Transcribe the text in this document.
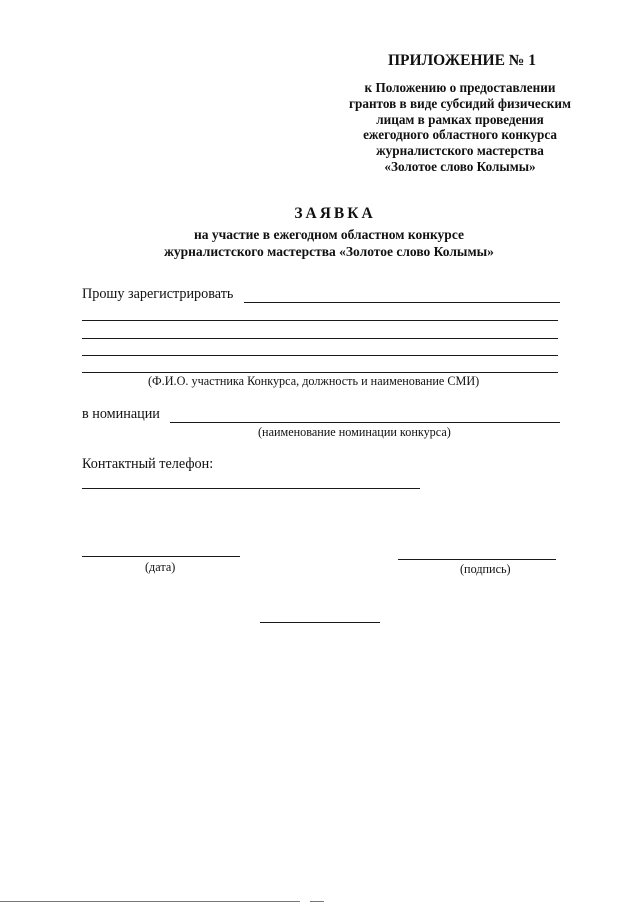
ПРИЛОЖЕНИЕ № 1
к Положению о предоставлении
грантов в виде субсидий физическим
лицам в рамках проведения
ежегодного областного конкурса
журналистского мастерства
«Золотое слово Колымы»
ЗАЯВКА
на участие в ежегодном областном конкурсе
журналистского мастерства «Золотое слово Колымы»
Прошу зарегистрировать
(Ф.И.О. участника Конкурса, должность и наименование СМИ)
в номинации
(наименование номинации конкурса)
Контактный телефон:
(дата)	(подпись)
